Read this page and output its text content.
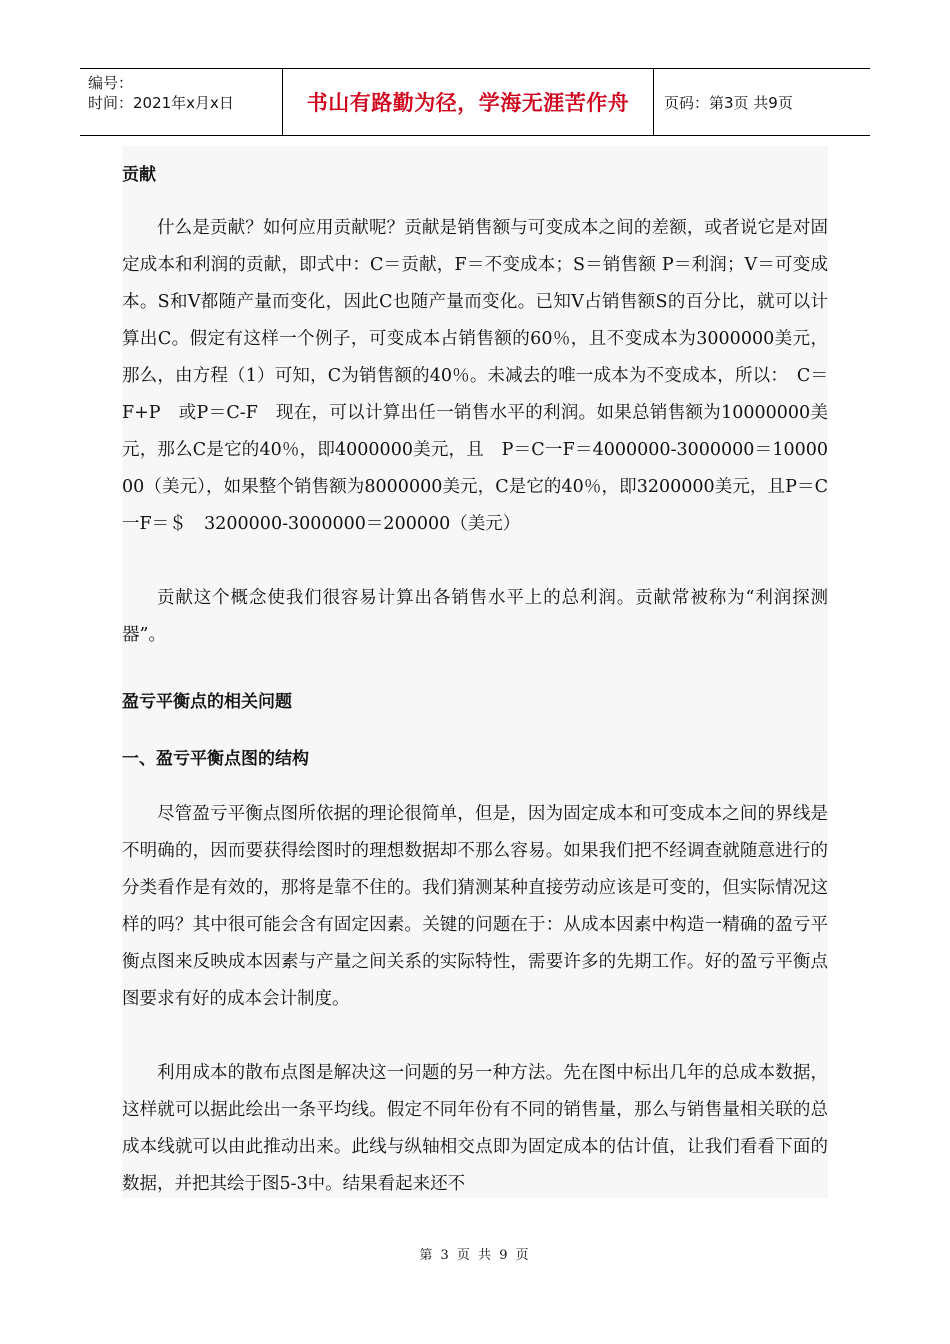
编号：
时间：2021年x月x日	书山有路勤为径，学海无涯苦作舟	页码：第3页 共9页
贡献

什么是贡献？如何应用贡献呢？贡献是销售额与可变成本之间的差额，或者说它是对固定成本和利润的贡献，即式中：C＝贡献，F＝不变成本；S＝销售额 P＝利润；V＝可变成本。S和V都随产量而变化，因此C也随产量而变化。已知V占销售额S的百分比，就可以计算出C。假定有这样一个例子，可变成本占销售额的60％，且不变成本为3000000美元，那么，由方程（1）可知，C为销售额的40％。未减去的唯一成本为不变成本，所以：　C＝F+P　或P＝C-F　现在，可以计算出任一销售水平的利润。如果总销售额为10000000美元，那么C是它的40％，即4000000美元，且　P＝C一F＝4000000-3000000＝1000000（美元），如果整个销售额为8000000美元，C是它的40％，即3200000美元，且P＝C一F＝＄　3200000-3000000＝200000（美元）

贡献这个概念使我们很容易计算出各销售水平上的总利润。贡献常被称为“利润探测器”。

盈亏平衡点的相关问题
一、盈亏平衡点图的结构

尽管盈亏平衡点图所依据的理论很简单，但是，因为固定成本和可变成本之间的界线是不明确的，因而要获得绘图时的理想数据却不那么容易。如果我们把不经调查就随意进行的分类看作是有效的，那将是靠不住的。我们猜测某种直接劳动应该是可变的，但实际情况这样的吗？其中很可能会含有固定因素。关键的问题在于：从成本因素中构造一精确的盈亏平衡点图来反映成本因素与产量之间关系的实际特性，需要许多的先期工作。好的盈亏平衡点图要求有好的成本会计制度。

利用成本的散布点图是解决这一问题的另一种方法。先在图中标出几年的总成本数据，这样就可以据此绘出一条平均线。假定不同年份有不同的销售量，那么与销售量相关联的总成本线就可以由此推动出来。此线与纵轴相交点即为固定成本的估计值，让我们看看下面的数据，并把其绘于图5-3中。结果看起来还不

第 3 页 共 9 页
